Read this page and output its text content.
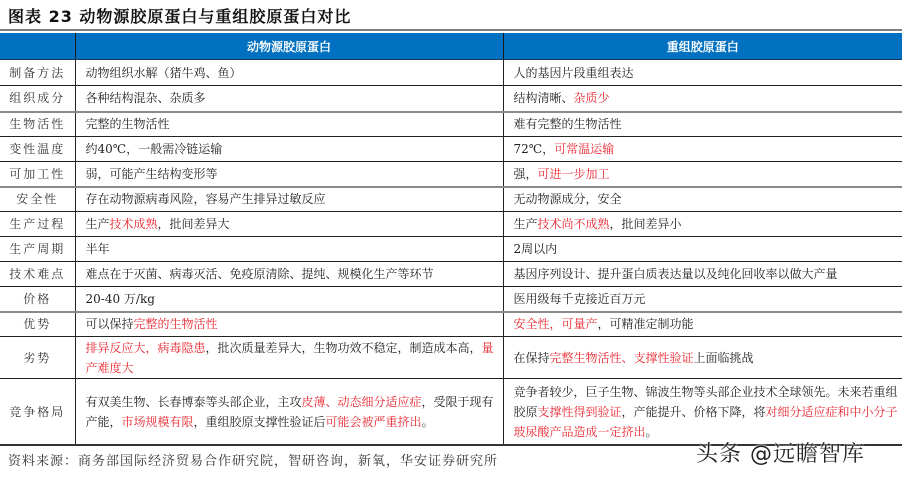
图表 23 动物源胶原蛋白与重组胶原蛋白对比
	动物源胶原蛋白	重组胶原蛋白
制备方法	动物组织水解（猪牛鸡、鱼）	人的基因片段重组表达
组织成分	各种结构混杂、杂质多	结构清晰、杂质少
生物活性	完整的生物活性	难有完整的生物活性
变性温度	约40℃，一般需冷链运输	72℃，可常温运输
可加工性	弱，可能产生结构变形等	强，可进一步加工
安全性	存在动物源病毒风险，容易产生排异过敏反应	无动物源成分，安全
生产过程	生产技术成熟，批间差异大	生产技术尚不成熟，批间差异小
生产周期	半年	2周以内
技术难点	难点在于灭菌、病毒灭活、免疫原清除、提纯、规模化生产等环节	基因序列设计、提升蛋白质表达量以及纯化回收率以做大产量
价格	20-40 万/kg	医用级每千克接近百万元
优势	可以保持完整的生物活性	安全性，可量产，可精准定制功能
劣势	排异反应大，病毒隐患，批次质量差异大，生物功效不稳定，制造成本高，量产难度大	在保持完整生物活性、支撑性验证上面临挑战
竞争格局	有双美生物、长春博泰等头部企业，主攻皮薄、动态细分适应症，受限于现有产能，市场规模有限，重组胶原支撑性验证后可能会被严重挤出。	竞争者较少，巨子生物、锦波生物等头部企业技术全球领先。未来若重组胶原支撑性得到验证，产能提升、价格下降，将对细分适应症和中小分子玻尿酸产品造成一定挤出。
资料来源：商务部国际经济贸易合作研究院，智研咨询，新氧，华安证券研究所	头条 @远瞻智库
